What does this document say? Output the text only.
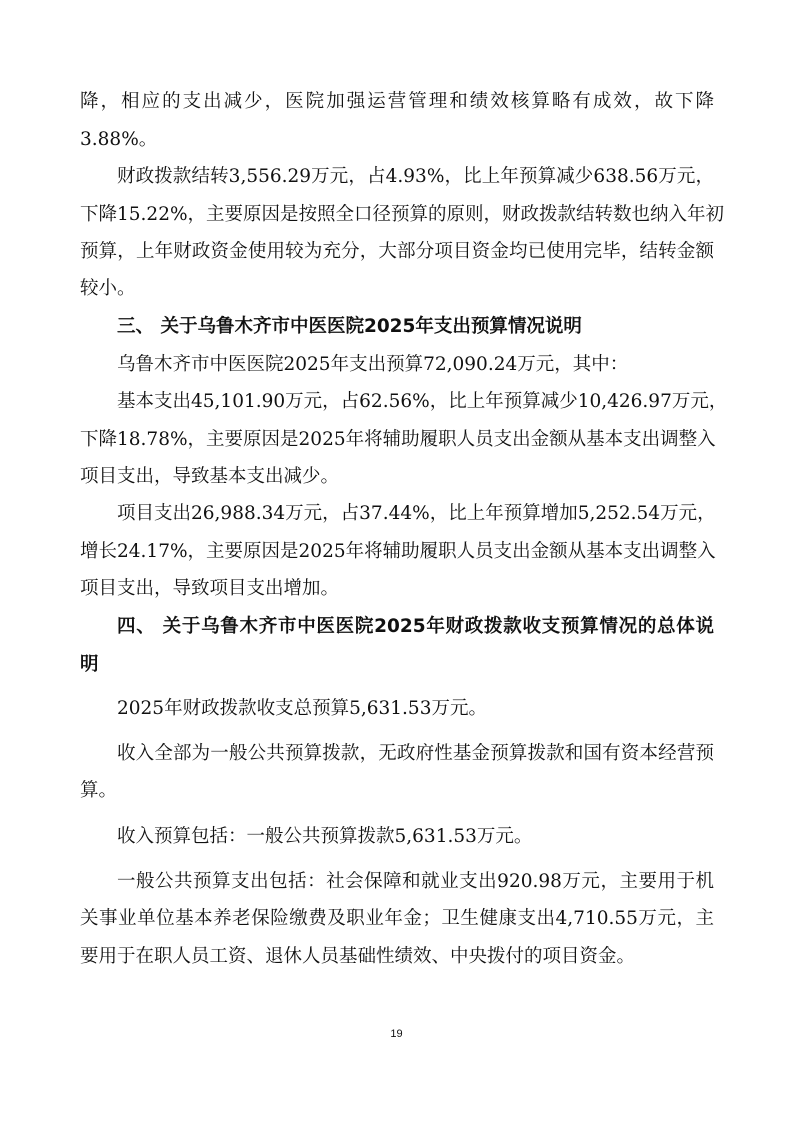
降，相应的支出减少，医院加强运营管理和绩效核算略有成效，故下降
3.88%。
财政拨款结转3,556.29万元，占4.93%，比上年预算减少638.56万元，
下降15.22%，主要原因是按照全口径预算的原则，财政拨款结转数也纳入年初
预算，上年财政资金使用较为充分，大部分项目资金均已使用完毕，结转金额
较小。
三、 关于乌鲁木齐市中医医院2025年支出预算情况说明
乌鲁木齐市中医医院2025年支出预算72,090.24万元，其中：
基本支出45,101.90万元，占62.56%，比上年预算减少10,426.97万元，
下降18.78%，主要原因是2025年将辅助履职人员支出金额从基本支出调整入
项目支出，导致基本支出减少。
项目支出26,988.34万元，占37.44%，比上年预算增加5,252.54万元，
增长24.17%，主要原因是2025年将辅助履职人员支出金额从基本支出调整入
项目支出，导致项目支出增加。
四、 关于乌鲁木齐市中医医院2025年财政拨款收支预算情况的总体说
明
2025年财政拨款收支总预算5,631.53万元。
收入全部为一般公共预算拨款，无政府性基金预算拨款和国有资本经营预
算。
收入预算包括：一般公共预算拨款5,631.53万元。
一般公共预算支出包括：社会保障和就业支出920.98万元，主要用于机
关事业单位基本养老保险缴费及职业年金；卫生健康支出4,710.55万元，主
要用于在职人员工资、退休人员基础性绩效、中央拨付的项目资金。
19
